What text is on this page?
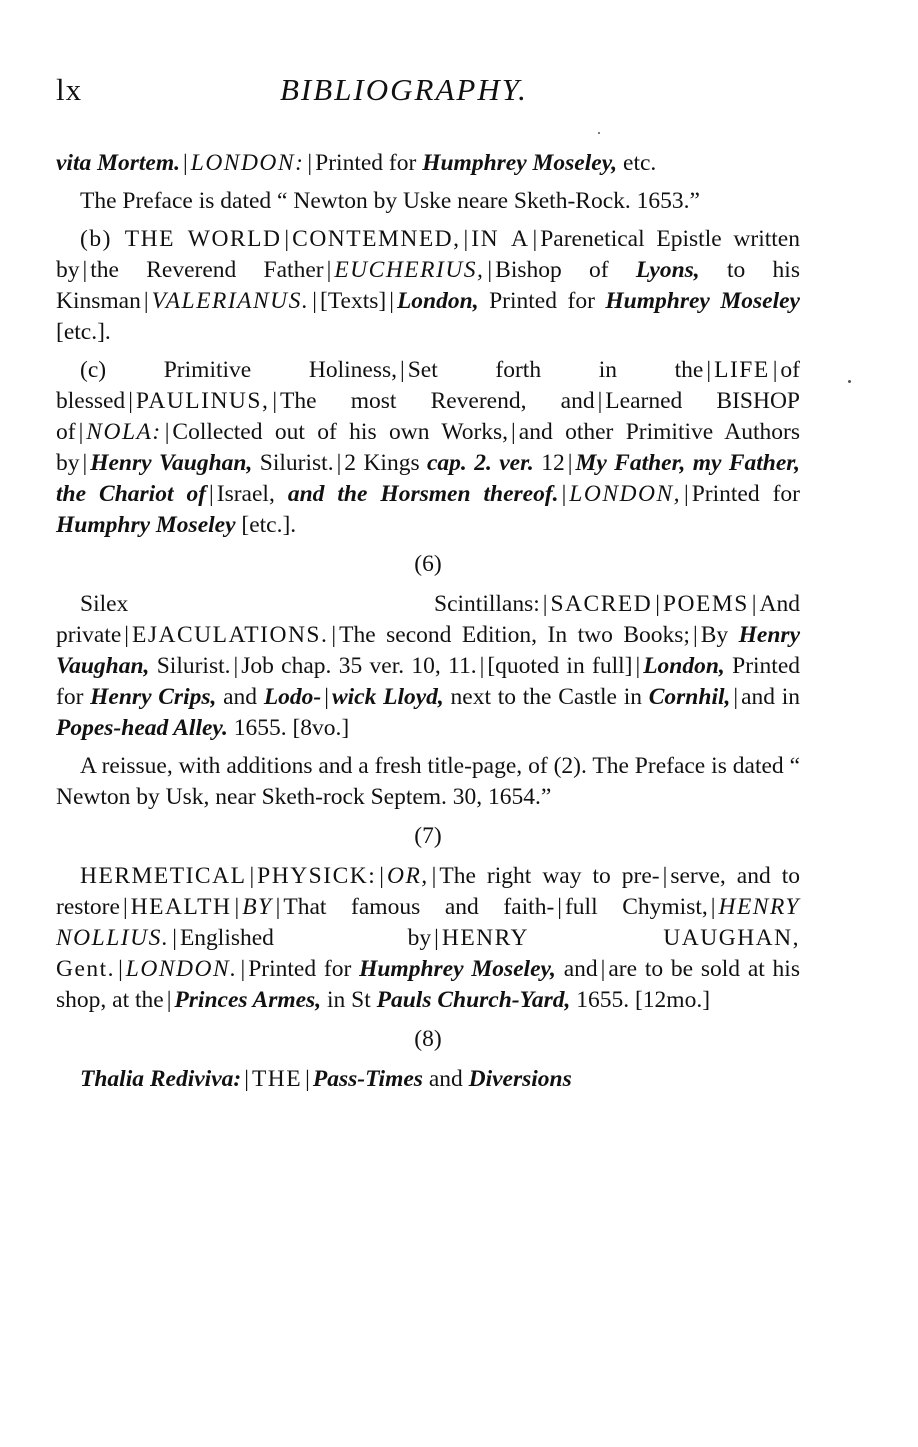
lx	BIBLIOGRAPHY.

vita Mortem. | LONDON: | Printed for Humphrey Moseley, etc.

The Preface is dated “ Newton by Uske neare Sketh-Rock. 1653.”

(b) THE WORLD | CONTEMNED, | IN A | Parenetical Epistle written by | the Reverend Father | EUCHERIUS, | Bishop of Lyons, to his Kinsman | VALERIANUS. | [Texts] | London, Printed for Humphrey Moseley [etc.].

(c) Primitive Holiness, | Set forth in the | LIFE | of blessed | PAULINUS, | The most Reverend, and | Learned BISHOP of | NOLA: | Collected out of his own Works, | and other Primitive Authors by | Henry Vaughan, Silurist. | 2 Kings cap. 2. ver. 12 | My Father, my Father, the Chariot of | Israel, and the Horsmen thereof. | LONDON, | Printed for Humphry Moseley [etc.].

(6)

Silex Scintillans: | SACRED | POEMS | And private | EJACULATIONS. | The second Edition, In two Books; | By Henry Vaughan, Silurist. | Job chap. 35 ver. 10, 11. | [quoted in full] | London, Printed for Henry Crips, and Lodo- | wick Lloyd, next to the Castle in Cornhil, | and in Popes-head Alley. 1655. [8vo.]

A reissue, with additions and a fresh title-page, of (2). The Preface is dated “ Newton by Usk, near Sketh-rock Septem. 30, 1654.”

(7)

HERMETICAL | PHYSICK: | OR, | The right way to pre- | serve, and to restore | HEALTH | BY | That famous and faith- | full Chymist, | HENRY NOLLIUS. | Englished by | HENRY UAUGHAN, Gent. | LONDON. | Printed for Humphrey Moseley, and | are to be sold at his shop, at the | Princes Armes, in St Pauls Church-Yard, 1655. [12mo.]

(8)

Thalia Rediviva: | THE | Pass-Times and Diversions
